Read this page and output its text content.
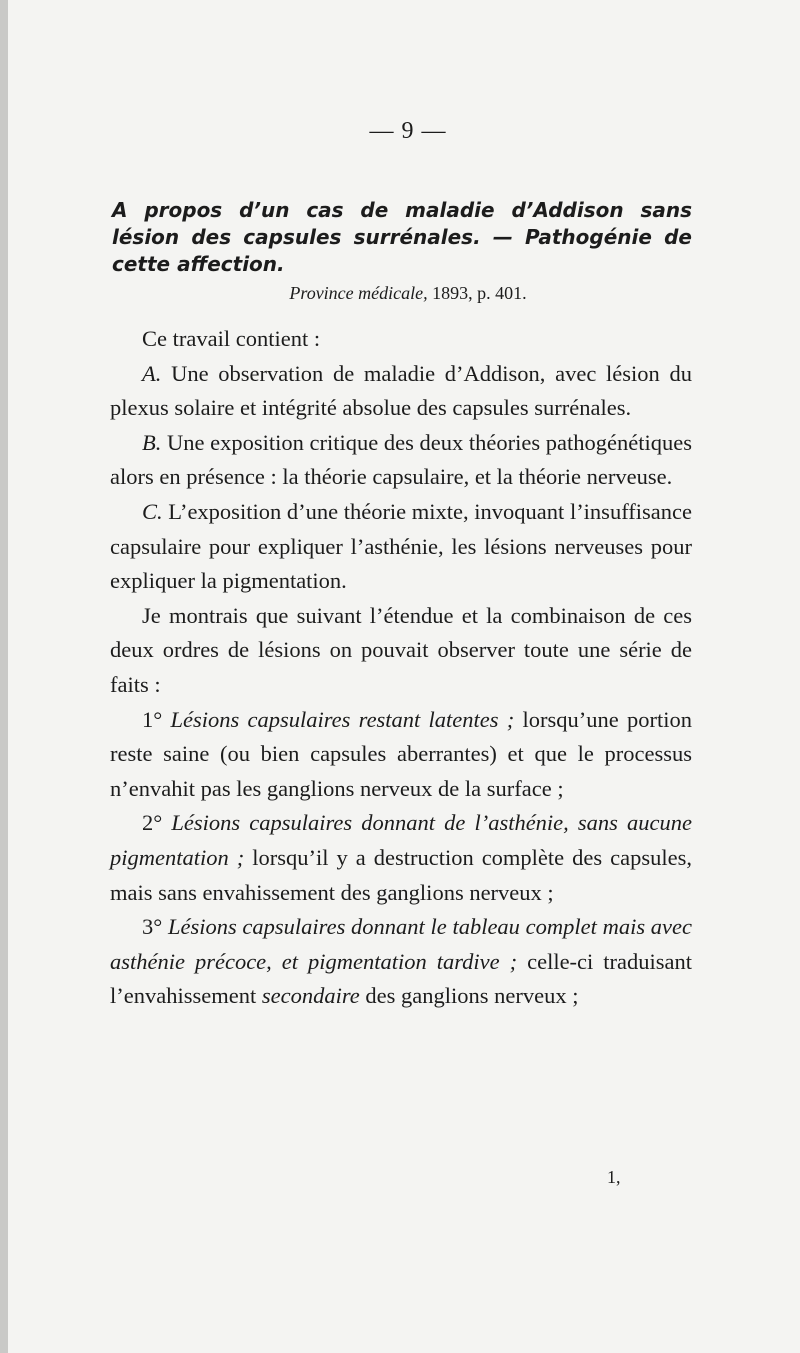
— 9 —
A propos d’un cas de maladie d’Addison sans lésion des capsules surrénales. — Pathogénie de cette affection.
Province médicale, 1893, p. 401.

Ce travail contient :

A. Une observation de maladie d’Addison, avec lésion du plexus solaire et intégrité absolue des capsules surrénales.

B. Une exposition critique des deux théories pathogénétiques alors en présence : la théorie capsulaire, et la théorie nerveuse.

C. L’exposition d’une théorie mixte, invoquant l’insuffisance capsulaire pour expliquer l’asthénie, les lésions nerveuses pour expliquer la pigmentation.

Je montrais que suivant l’étendue et la combinaison de ces deux ordres de lésions on pouvait observer toute une série de faits :

1° Lésions capsulaires restant latentes ; lorsqu’une portion reste saine (ou bien capsules aberrantes) et que le processus n’envahit pas les ganglions nerveux de la surface ;

2° Lésions capsulaires donnant de l’asthénie, sans aucune pigmentation ; lorsqu’il y a destruction complète des capsules, mais sans envahissement des ganglions nerveux ;

3° Lésions capsulaires donnant le tableau complet mais avec asthénie précoce, et pigmentation tardive ; celle-ci traduisant l’envahissement secondaire des ganglions nerveux ;

1,
